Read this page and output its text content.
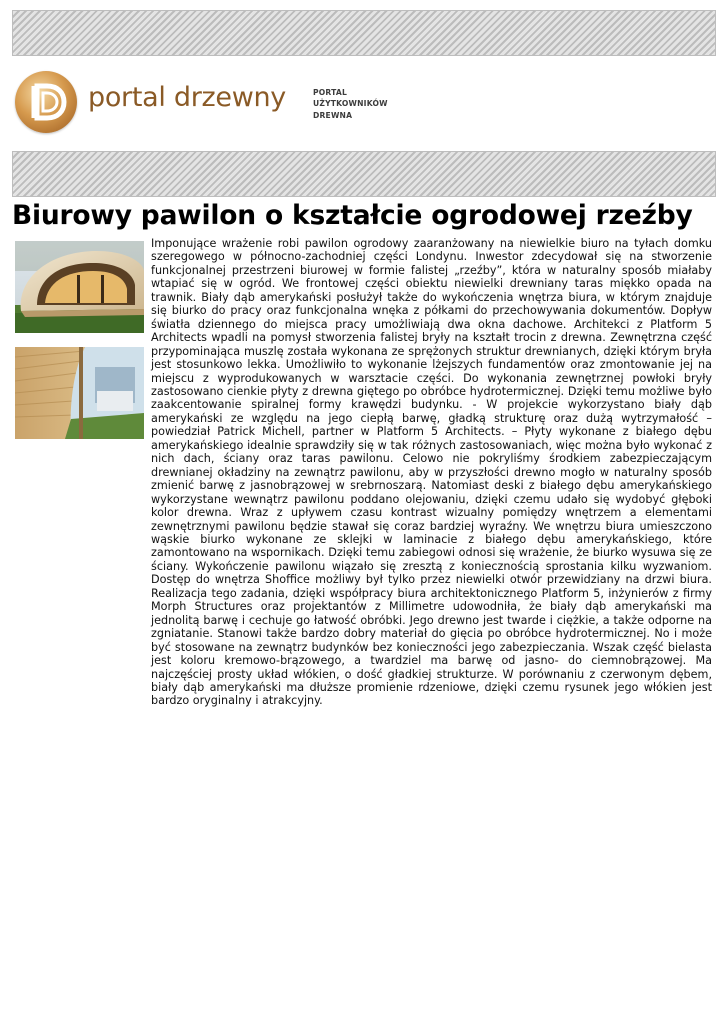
portal drzewny	PORTAL
UŻYTKOWNIKÓW
DREWNA
Biurowy pawilon o kształcie ogrodowej rzeźby

Imponujące wrażenie robi pawilon ogrodowy zaaranżowany na niewielkie biuro na tyłach domku szeregowego w północno-zachodniej części Londynu. Inwestor zdecydował się na stworzenie funkcjonalnej przestrzeni biurowej w formie falistej „rzeźby”, która w naturalny sposób miałaby wtapiać się w ogród. We frontowej części obiektu niewielki drewniany taras miękko opada na trawnik. Biały dąb amerykański posłużył także do wykończenia wnętrza biura, w którym znajduje się biurko do pracy oraz funkcjonalna wnęka z półkami do przechowywania dokumentów. Dopływ światła dziennego do miejsca pracy umożliwiają dwa okna dachowe. Architekci z Platform 5 Architects wpadli na pomysł stworzenia falistej bryły na kształt trocin z drewna. Zewnętrzna część przypominająca muszlę została wykonana ze sprężonych struktur drewnianych, dzięki którym bryła jest stosunkowo lekka. Umożliwiło to wykonanie lżejszych fundamentów oraz zmontowanie jej na miejscu z wyprodukowanych w warsztacie części. Do wykonania zewnętrznej powłoki bryły zastosowano cienkie płyty z drewna giętego po obróbce hydrotermicznej. Dzięki temu możliwe było zaakcentowanie spiralnej formy krawędzi budynku. - W projekcie wykorzystano biały dąb amerykański ze względu na jego ciepłą barwę, gładką strukturę oraz dużą wytrzymałość – powiedział Patrick Michell, partner w Platform 5 Architects. – Płyty wykonane z białego dębu amerykańskiego idealnie sprawdziły się w tak różnych zastosowaniach, więc można było wykonać z nich dach, ściany oraz taras pawilonu. Celowo nie pokryliśmy środkiem zabezpieczającym drewnianej okładziny na zewnątrz pawilonu, aby w przyszłości drewno mogło w naturalny sposób zmienić barwę z jasnobrązowej w srebrnoszarą. Natomiast deski z białego dębu amerykańskiego wykorzystane wewnątrz pawilonu poddano olejowaniu, dzięki czemu udało się wydobyć głęboki kolor drewna. Wraz z upływem czasu kontrast wizualny pomiędzy wnętrzem a elementami zewnętrznymi pawilonu będzie stawał się coraz bardziej wyraźny. We wnętrzu biura umieszczono wąskie biurko wykonane ze sklejki w laminacie z białego dębu amerykańskiego, które zamontowano na wspornikach. Dzięki temu zabiegowi odnosi się wrażenie, że biurko wysuwa się ze ściany. Wykończenie pawilonu wiązało się zresztą z koniecznością sprostania kilku wyzwaniom. Dostęp do wnętrza Shoffice możliwy był tylko przez niewielki otwór przewidziany na drzwi biura. Realizacja tego zadania, dzięki współpracy biura architektonicznego Platform 5, inżynierów z firmy Morph Structures oraz projektantów z Millimetre udowodniła, że biały dąb amerykański ma jednolitą barwę i cechuje go łatwość obróbki. Jego drewno jest twarde i ciężkie, a także odporne na zgniatanie. Stanowi także bardzo dobry materiał do gięcia po obróbce hydrotermicznej. No i może być stosowane na zewnątrz budynków bez konieczności jego zabezpieczania. Wszak część bielasta jest koloru kremowo-brązowego, a twardziel ma barwę od jasno- do ciemnobrązowej. Ma najczęściej prosty układ włókien, o dość gładkiej strukturze. W porównaniu z czerwonym dębem, biały dąb amerykański ma dłuższe promienie rdzeniowe, dzięki czemu rysunek jego włókien jest bardzo oryginalny i atrakcyjny.
